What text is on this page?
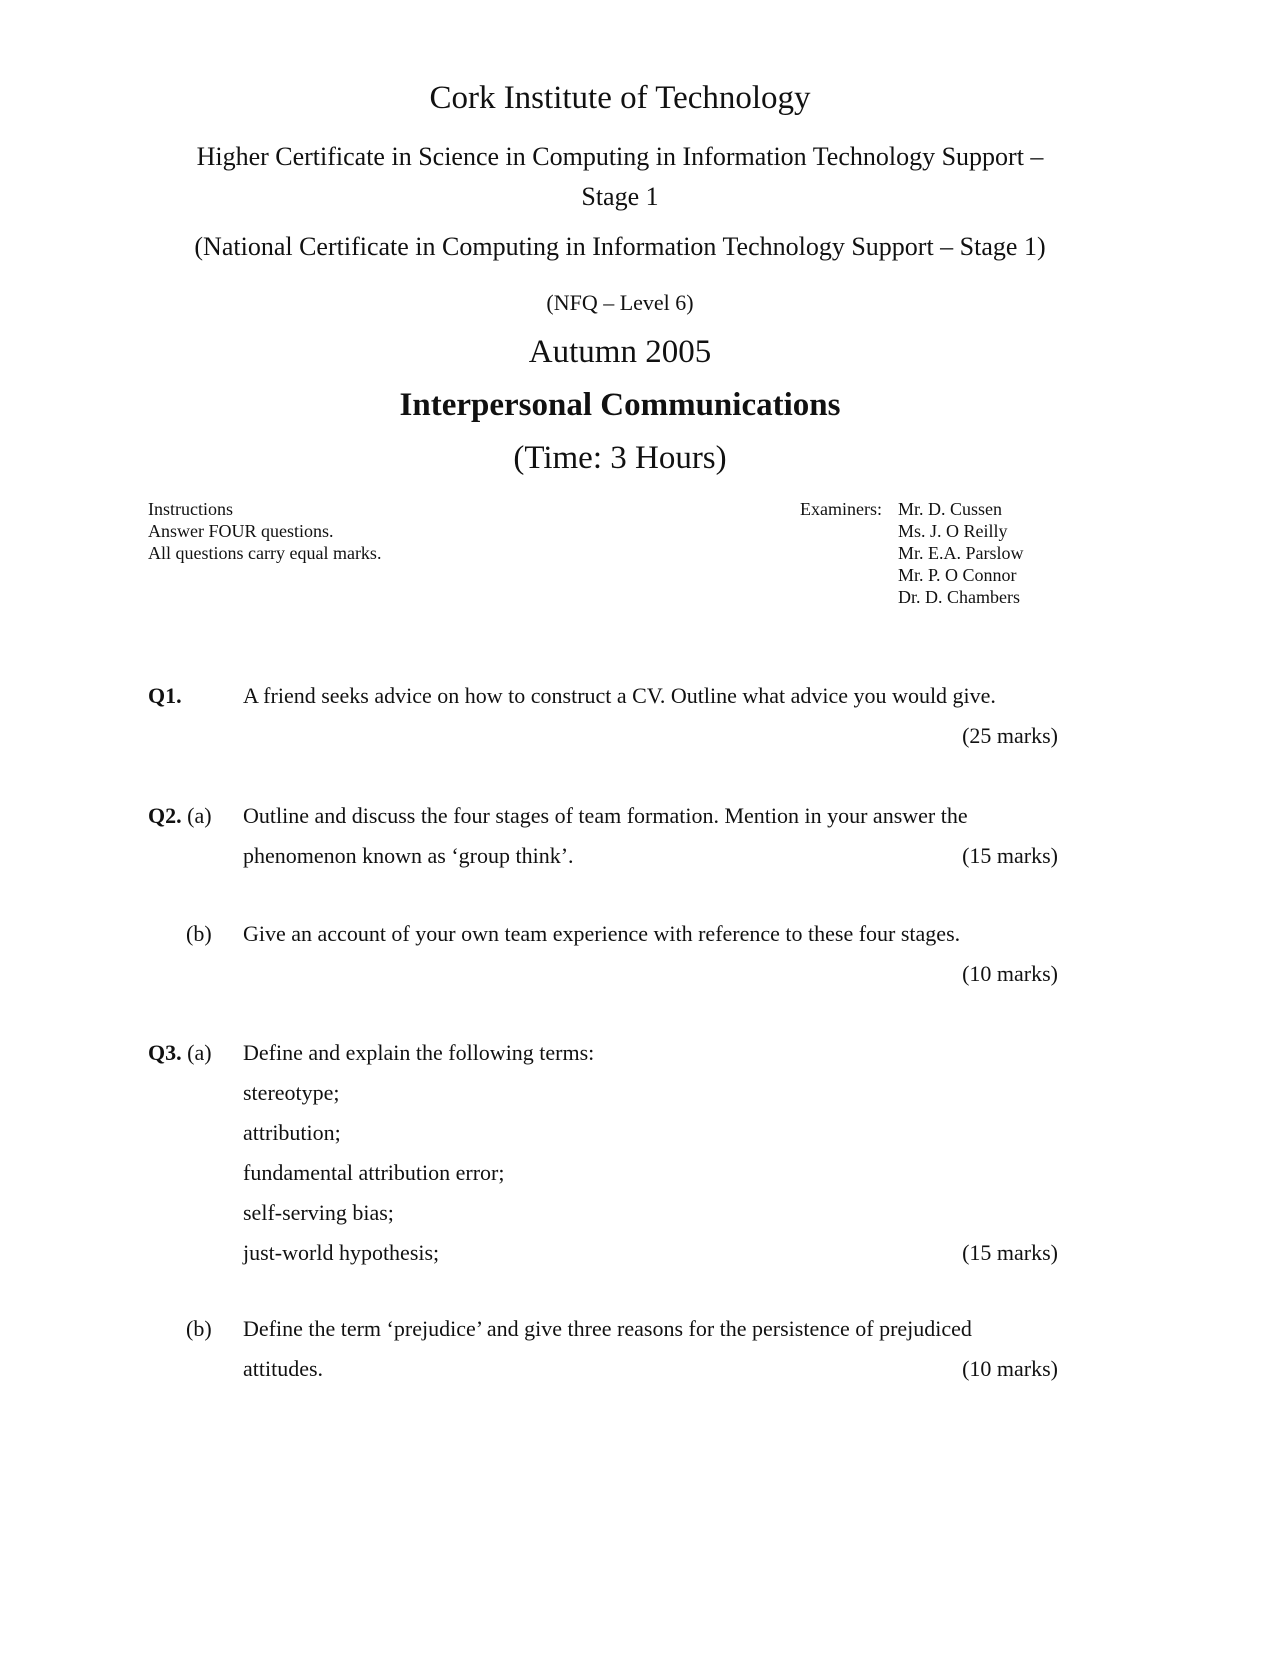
Cork Institute of Technology
Higher Certificate in Science in Computing in Information Technology Support –
Stage 1
(National Certificate in Computing in Information Technology Support – Stage 1)
(NFQ – Level 6)
Autumn 2005
Interpersonal Communications
(Time: 3 Hours)
Instructions
Answer FOUR questions.
All questions carry equal marks.
Examiners: Mr. D. Cussen
Ms. J. O Reilly
Mr. E.A. Parslow
Mr. P. O Connor
Dr. D. Chambers
Q1.	A friend seeks advice on how to construct a CV. Outline what advice you would give.
(25 marks)
Q2. (a) Outline and discuss the four stages of team formation. Mention in your answer the
phenomenon known as ‘group think’.	(15 marks)
(b) Give an account of your own team experience with reference to these four stages.
(10 marks)
Q3. (a) Define and explain the following terms:
stereotype;
attribution;
fundamental attribution error;
self-serving bias;
just-world hypothesis;	(15 marks)
(b) Define the term ‘prejudice’ and give three reasons for the persistence of prejudiced
attitudes.	(10 marks)
